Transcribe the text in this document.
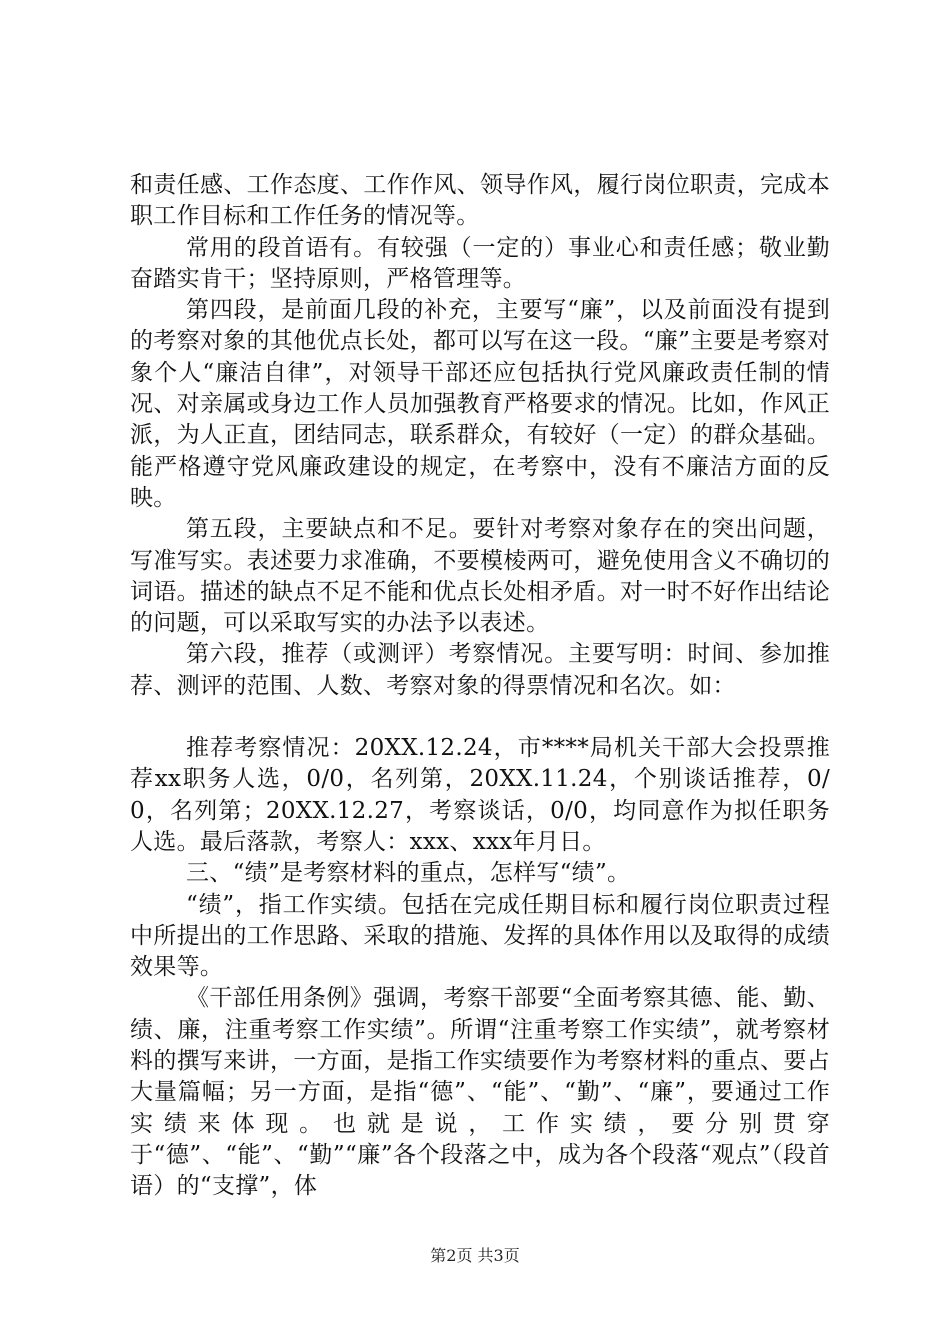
和责任感、工作态度、工作作风、领导作风，履行岗位职责，完成本职工作目标和工作任务的情况等。

常用的段首语有。有较强（一定的）事业心和责任感；敬业勤奋踏实肯干；坚持原则，严格管理等。

第四段，是前面几段的补充，主要写“廉”，以及前面没有提到的考察对象的其他优点长处，都可以写在这一段。“廉”主要是考察对象个人“廉洁自律”，对领导干部还应包括执行党风廉政责任制的情况、对亲属或身边工作人员加强教育严格要求的情况。比如，作风正派，为人正直，团结同志，联系群众，有较好（一定）的群众基础。能严格遵守党风廉政建设的规定，在考察中，没有不廉洁方面的反映。

第五段，主要缺点和不足。要针对考察对象存在的突出问题，写准写实。表述要力求准确，不要模棱两可，避免使用含义不确切的词语。描述的缺点不足不能和优点长处相矛盾。对一时不好作出结论的问题，可以采取写实的办法予以表述。

第六段，推荐（或测评）考察情况。主要写明：时间、参加推荐、测评的范围、人数、考察对象的得票情况和名次。如：

推荐考察情况：20XX.12.24，市****局机关干部大会投票推荐xx职务人选，0/0，名列第，20XX.11.24，个别谈话推荐，0/0，名列第；20XX.12.27，考察谈话，0/0，均同意作为拟任职务人选。最后落款，考察人：xxx、xxx年月日。

三、“绩”是考察材料的重点，怎样写“绩”。

“绩”，指工作实绩。包括在完成任期目标和履行岗位职责过程中所提出的工作思路、采取的措施、发挥的具体作用以及取得的成绩效果等。

《干部任用条例》强调，考察干部要“全面考察其德、能、勤、绩、廉，注重考察工作实绩”。所谓“注重考察工作实绩”，就考察材料的撰写来讲，一方面，是指工作实绩要作为考察材料的重点、要占大量篇幅；另一方面，是指“德”、“能”、“勤”、“廉”，要通过工作实绩来体现。也就是说，工作实绩，要分别贯穿于“德”、“能”、“勤”“廉”各个段落之中，成为各个段落“观点”（段首语）的“支撑”，体

第2页 共3页
